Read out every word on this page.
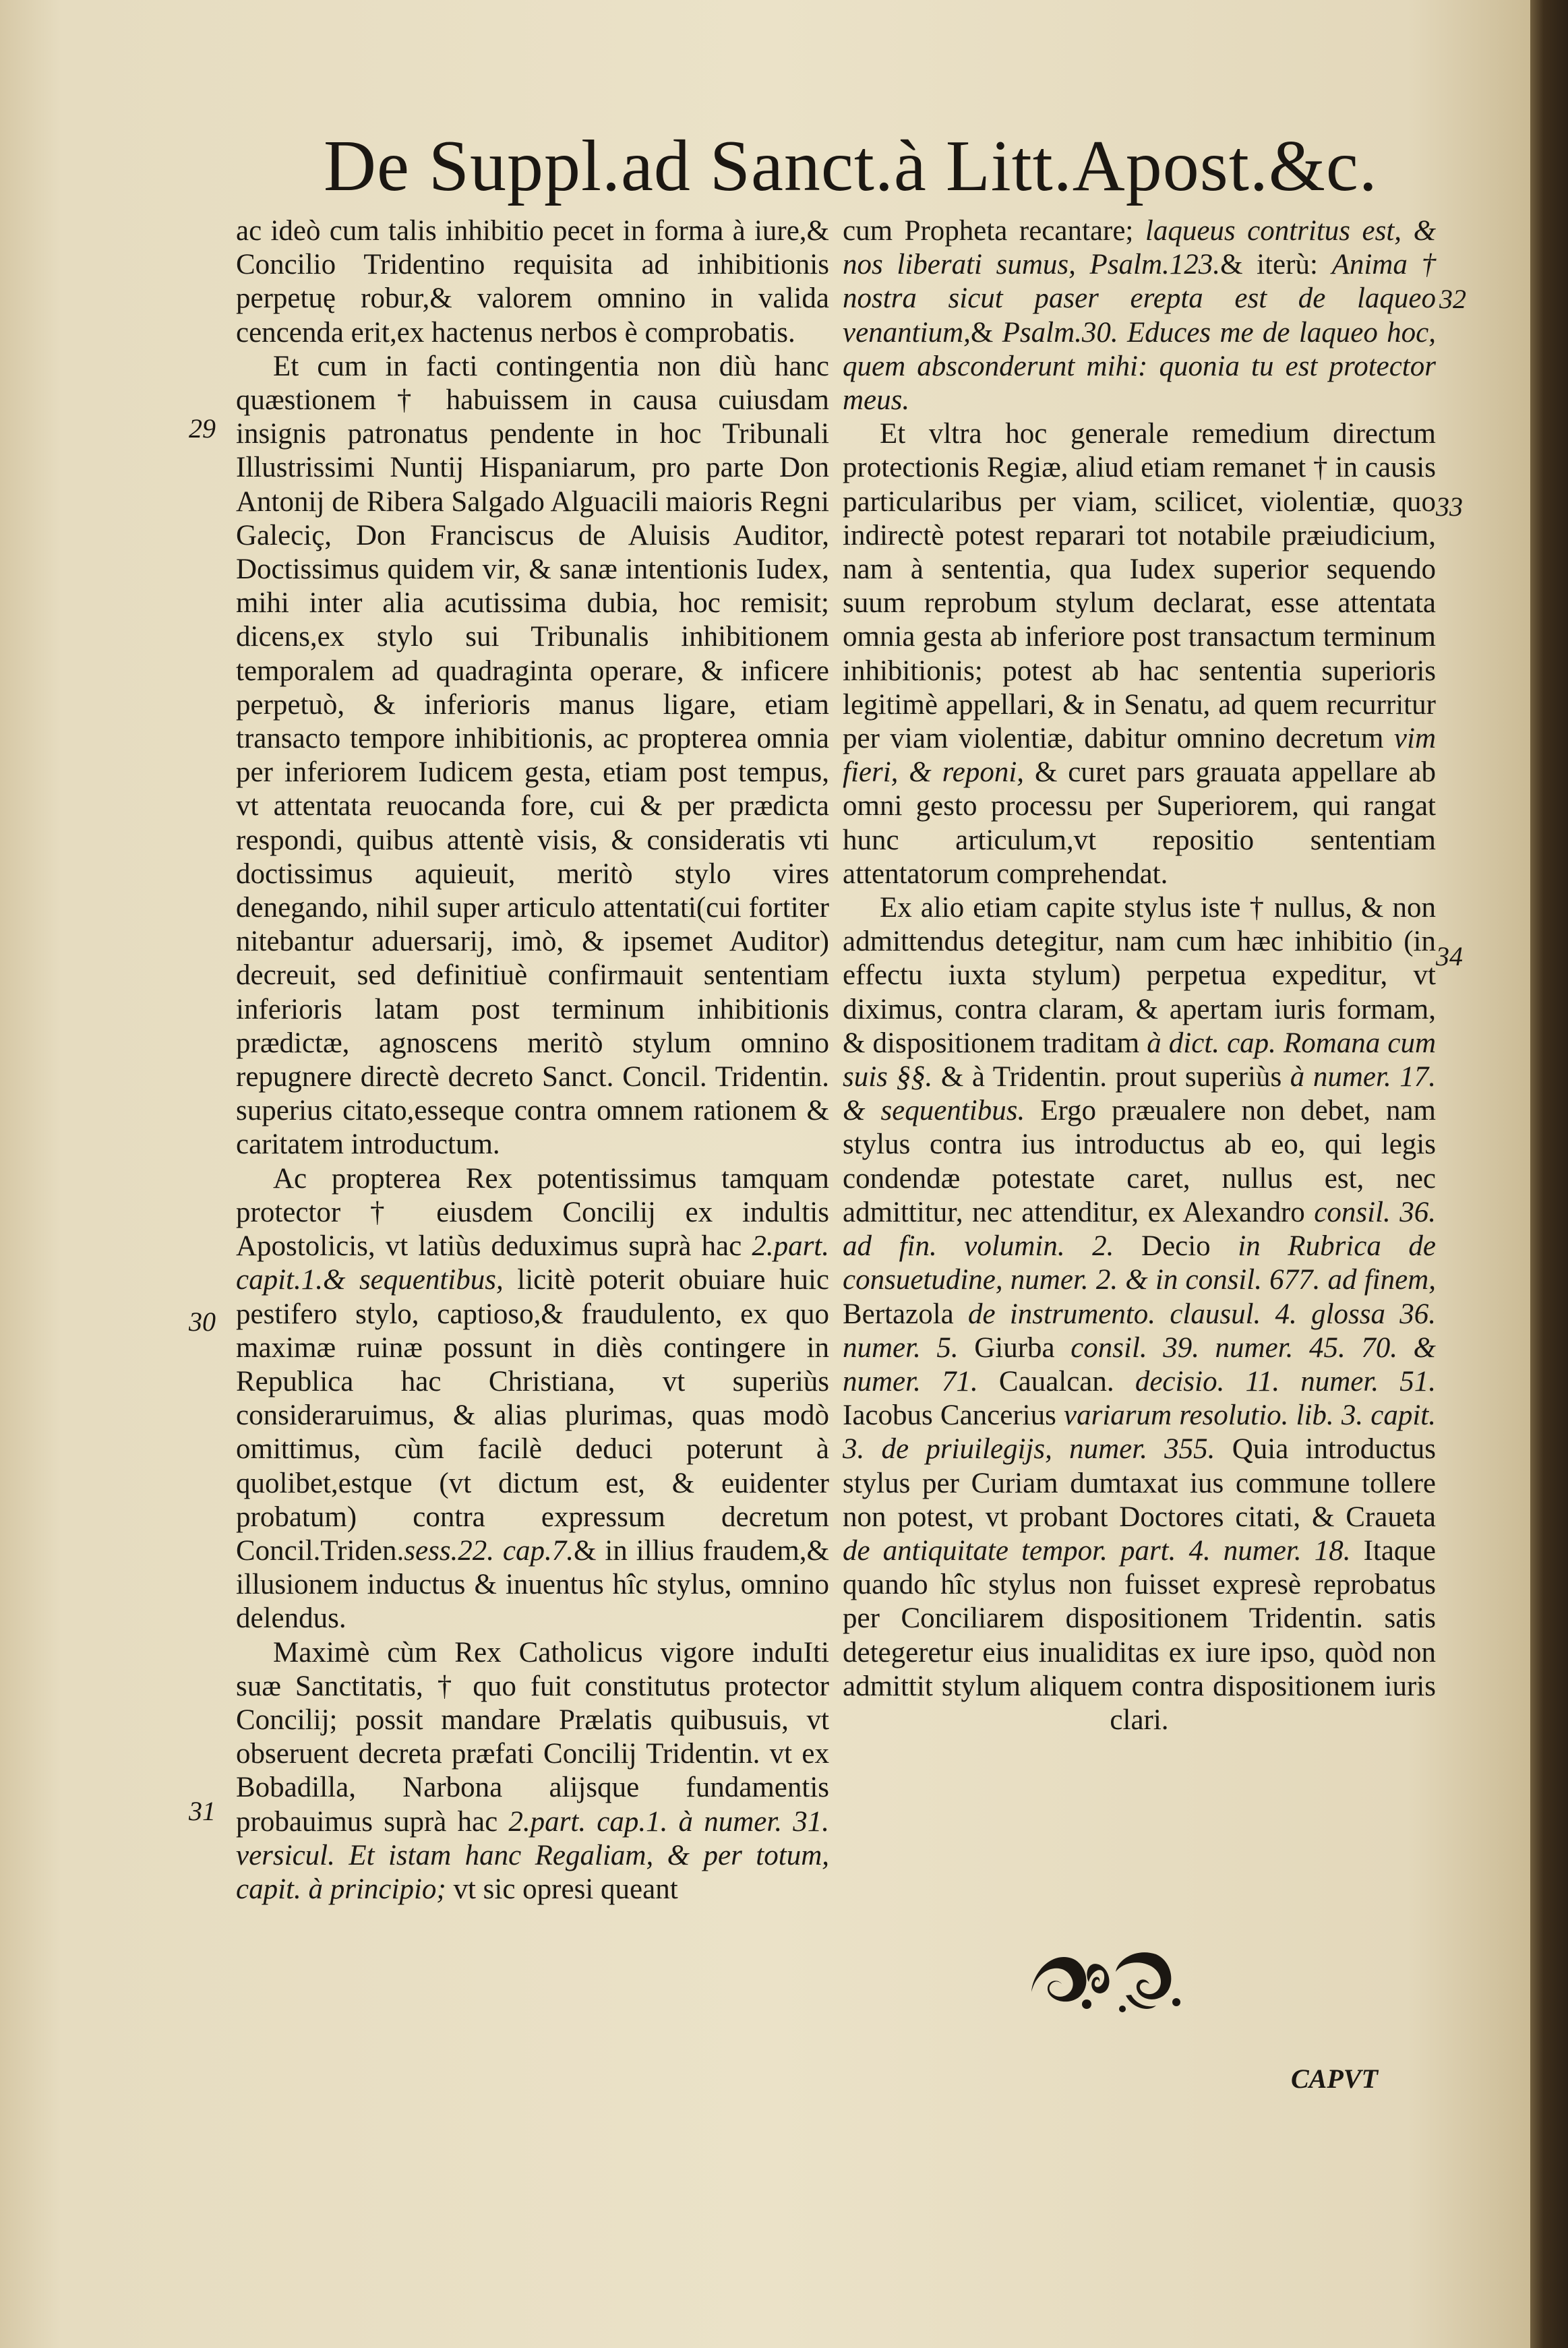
De Suppl.ad Sanct.à Litt.Apost.&c.
29
30
31
32
33
34

ac ideò cum talis inhibitio pecet in forma à iure,& Concilio Tridentino requisita ad inhibitionis perpetuę robur,& valorem omnino in valida cencenda erit,ex hactenus nerbos è comprobatis.

Et cum in facti contingentia non diù hanc quæstionem † habuissem in causa cuiusdam insignis patronatus pendente in hoc Tribunali Illustrissimi Nuntij Hispaniarum, pro parte Don Antonij de Ribera Salgado Alguacili maioris Regni Galeciç, Don Franciscus de Aluisis Auditor, Doctissimus quidem vir, & sanæ intentionis Iudex, mihi inter alia acutissima dubia, hoc remisit; dicens,ex stylo sui Tribunalis inhibitionem temporalem ad quadraginta operare, & inficere perpetuò, & inferioris manus ligare, etiam transacto tempore inhibitionis, ac propterea omnia per inferiorem Iudicem gesta, etiam post tempus, vt attentata reuocanda fore, cui & per prædicta respondi, quibus attentè visis, & consideratis vti doctissimus aquieuit, meritò stylo vires denegando, nihil super articulo attentati(cui fortiter nitebantur aduersarij, imò, & ipsemet Auditor) decreuit, sed definitiuè confirmauit sententiam inferioris latam post terminum inhibitionis prædictæ, agnoscens meritò stylum omnino repugnere directè decreto Sanct. Concil. Tridentin. superius citato,esseque contra omnem rationem & caritatem introductum.

Ac propterea Rex potentissimus tamquam protector † eiusdem Concilij ex indultis Apostolicis, vt latiùs deduximus suprà hac 2.part. capit.1.& sequentibus, licitè poterit obuiare huic pestifero stylo, captioso,& fraudulento, ex quo maximæ ruinæ possunt in diès contingere in Republica hac Christiana, vt superiùs consideraruimus, & alias plurimas, quas modò omittimus, cùm facilè deduci poterunt à quolibet,estque (vt dictum est, & euidenter probatum) contra expressum decretum Concil.Triden.sess.22. cap.7.& in illius fraudem,& illusionem inductus & inuentus hîc stylus, omnino delendus.

Maximè cùm Rex Catholicus vigore induIti suæ Sanctitatis, † quo fuit constitutus protector Concilij; possit mandare Prælatis quibusuis, vt obseruent decreta præfati Concilij Tridentin. vt ex Bobadilla, Narbona alijsque fundamentis probauimus suprà hac 2.part. cap.1. à numer. 31. versicul. Et istam hanc Regaliam, & per totum, capit. à principio; vt sic opresi queant

cum Propheta recantare; laqueus contritus est, & nos liberati sumus, Psalm.123.& iterù: Anima † nostra sicut paser erepta est de laqueo venantium,& Psalm.30. Educes me de laqueo hoc, quem absconderunt mihi: quonia tu est protector meus.

Et vltra hoc generale remedium directum protectionis Regiæ, aliud etiam remanet † in causis particularibus per viam, scilicet, violentiæ, quo indirectè potest reparari tot notabile præiudicium, nam à sententia, qua Iudex superior sequendo suum reprobum stylum declarat, esse attentata omnia gesta ab inferiore post transactum terminum inhibitionis; potest ab hac sententia superioris legitimè appellari, & in Senatu, ad quem recurritur per viam violentiæ, dabitur omnino decretum vim fieri, & reponi, & curet pars grauata appellare ab omni gesto processu per Superiorem, qui rangat hunc articulum,vt repositio sententiam attentatorum comprehendat.

Ex alio etiam capite stylus iste † nullus, & non admittendus detegitur, nam cum hæc inhibitio (in effectu iuxta stylum) perpetua expeditur, vt diximus, contra claram, & apertam iuris formam, & dispositionem traditam à dict. cap. Romana cum suis §§. & à Tridentin. prout superiùs à numer. 17. & sequentibus. Ergo præualere non debet, nam stylus contra ius introductus ab eo, qui legis condendæ potestate caret, nullus est, nec admittitur, nec attenditur, ex Alexandro consil. 36. ad fin. volumin. 2. Decio in Rubrica de consuetudine, numer. 2. & in consil. 677. ad finem, Bertazola de instrumento. clausul. 4. glossa 36. numer. 5. Giurba consil. 39. numer. 45. 70. & numer. 71. Caualcan. decisio. 11. numer. 51. Iacobus Cancerius variarum resolutio. lib. 3. capit. 3. de priuilegijs, numer. 355. Quia introductus stylus per Curiam dumtaxat ius commune tollere non potest, vt probant Doctores citati, & Craueta de antiquitate tempor. part. 4. numer. 18. Itaque quando hîc stylus non fuisset expresè reprobatus per Conciliarem dispositionem Tridentin. satis detegeretur eius inualiditas ex iure ipso, quòd non admittit stylum aliquem contra dispositionem iuris clari.

CAPVT
